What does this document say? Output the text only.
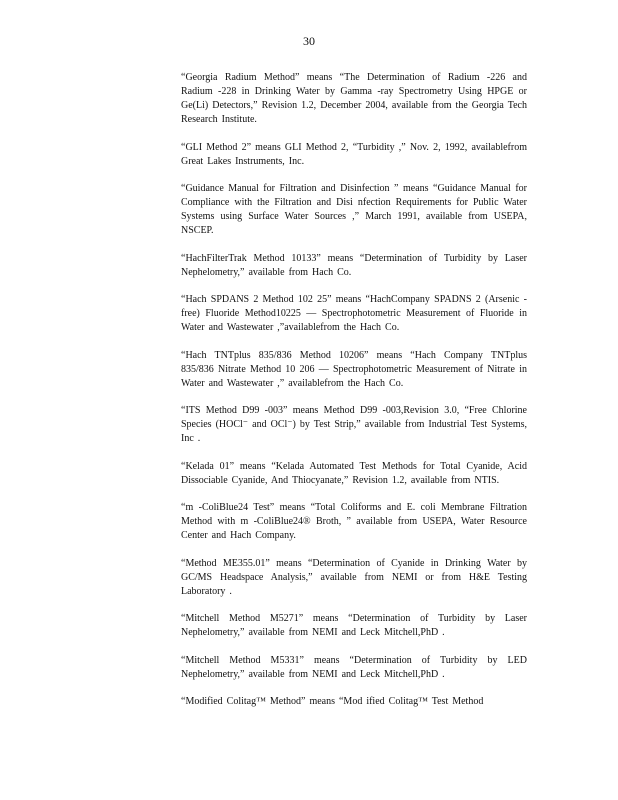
30

“Georgia Radium Method” means “The Determination of Radium -226 and Radium -228 in Drinking Water by Gamma -ray Spectrometry Using HPGE or Ge(Li) Detectors,” Revision 1.2, December 2004, available from the Georgia Tech Research Institute.

“GLI Method 2” means GLI Method 2, “Turbidity ,” Nov. 2, 1992, availablefrom Great Lakes Instruments, Inc.

“Guidance Manual for Filtration and Disinfection ” means “Guidance Manual for Compliance with the Filtration and Disi nfection Requirements for Public Water Systems using Surface Water Sources ,” March 1991, available from USEPA, NSCEP.

“HachFilterTrak Method 10133” means “Determination of Turbidity by Laser Nephelometry,” available from Hach Co.

“Hach SPDANS 2 Method 102 25” means “HachCompany SPADNS 2 (Arsenic -free) Fluoride Method10225 — Spectrophotometric Measurement of Fluoride in Water and Wastewater ,”availablefrom the Hach Co.

“Hach TNTplus 835/836 Method 10206” means “Hach Company TNTplus 835/836 Nitrate Method 10 206 — Spectrophotometric Measurement of Nitrate in Water and Wastewater ,” availablefrom the Hach Co.

“ITS Method D99 -003” means Method D99 -003,Revision 3.0, “Free Chlorine Species (HOCl⁻ and OCl⁻) by Test Strip,” available from Industrial Test Systems, Inc .

“Kelada 01” means “Kelada Automated Test Methods for Total Cyanide, Acid Dissociable Cyanide, And Thiocyanate,” Revision 1.2, available from NTIS.

“m -ColiBlue24 Test” means “Total Coliforms and E. coli Membrane Filtration Method with m -ColiBlue24® Broth, ” available from USEPA, Water Resource Center and Hach Company.

“Method ME355.01” means “Determination of Cyanide in Drinking Water by GC/MS Headspace Analysis,” available from NEMI or from H&E Testing Laboratory .

“Mitchell Method M5271” means “Determination of Turbidity by Laser Nephelometry,” available from NEMI and Leck Mitchell,PhD .

“Mitchell Method M5331” means “Determination of Turbidity by LED Nephelometry,” available from NEMI and Leck Mitchell,PhD .

“Modified Colitag™ Method” means “Mod ified Colitag™ Test Method
